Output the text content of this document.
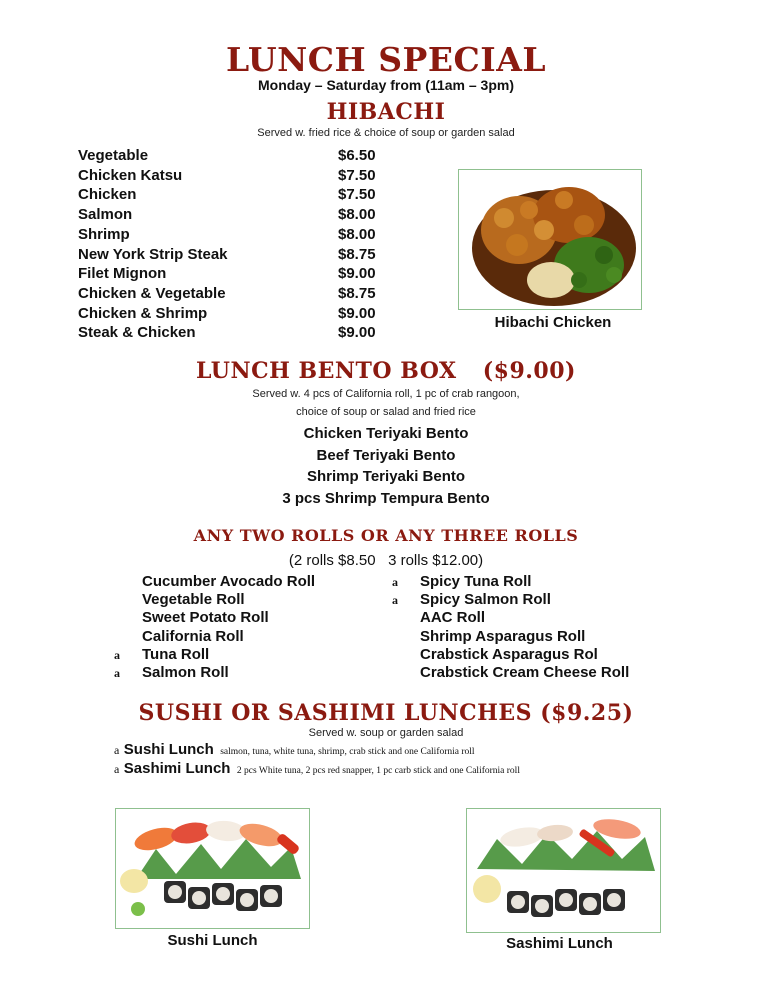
LUNCH SPECIAL
Monday – Saturday from (11am – 3pm)
HIBACHI
Served w. fried rice & choice of soup or garden salad
Vegetable	$6.50
Chicken Katsu	$7.50
Chicken	$7.50
Salmon	$8.00
Shrimp	$8.00
New York Strip Steak	$8.75
Filet Mignon	$9.00
Chicken & Vegetable	$8.75
Chicken & Shrimp	$9.00
Steak & Chicken	$9.00
Hibachi Chicken
LUNCH BENTO BOX ($9.00)
Served w. 4 pcs of California roll, 1 pc of crab rangoon,
choice of soup or salad and fried rice
Chicken Teriyaki Bento
Beef Teriyaki Bento
Shrimp Teriyaki Bento
3 pcs Shrimp Tempura Bento
ANY TWO ROLLS OR ANY THREE ROLLS
(2 rolls $8.50   3 rolls $12.00)
Cucumber Avocado Roll
Vegetable Roll
Sweet Potato Roll
California Roll
a Tuna Roll
a Salmon Roll
a Spicy Tuna Roll
a Spicy Salmon Roll
AAC Roll
Shrimp Asparagus Roll
Crabstick Asparagus Rol
Crabstick Cream Cheese Roll
SUSHI OR SASHIMI LUNCHES ($9.25)
Served w. soup or garden salad
a Sushi Lunch salmon, tuna, white tuna, shrimp, crab stick and one California roll
a Sashimi Lunch 2 pcs White tuna, 2 pcs red snapper, 1 pc carb stick and one California roll
Sushi Lunch	Sashimi Lunch
